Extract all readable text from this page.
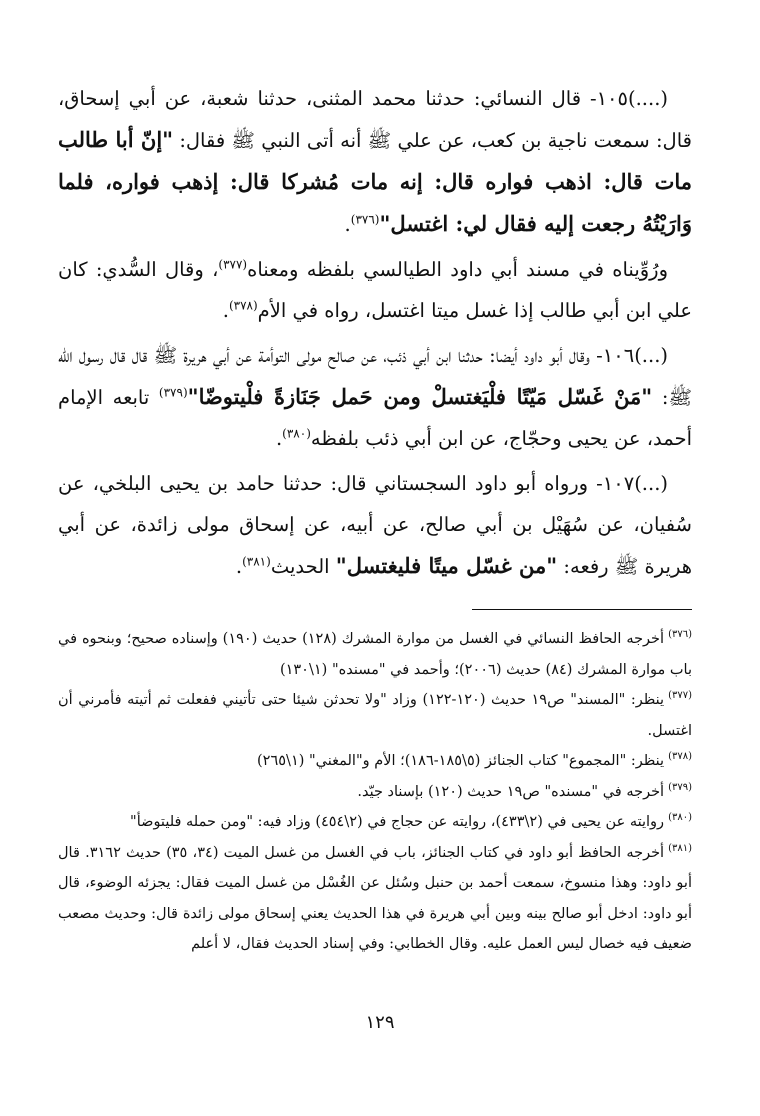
(....)١٠٥- قال النسائي: حدثنا محمد المثنى، حدثنا شعبة، عن أبي إسحاق، قال: سمعت ناجية بن كعب، عن علي ﷺ أنه أتى النبي ﷺ فقال: "إنّ أبا طالب مات قال: اذهب فواره قال: إنه مات مُشركا قال: إذهب فواره، فلما وَارَيْتُهُ رجعت إليه فقال لي: اغتسل"$^{(٣٧٦)}$.

ورُوِّيناه في مسند أبي داود الطيالسي بلفظه ومعناه$^{(٣٧٧)}$، وقال السُّدي: كان علي ابن أبي طالب إذا غسل ميتا اغتسل، رواه في الأم$^{(٣٧٨)}$.

(...)١٠٦- وقال أبو داود أيضا: حدثنا ابن أبي ذئب، عن صالح مولى التوأمة عن أبي هريرة ﷺ قال قال رسول الله ﷺ: "مَنْ غَسّل مَيّتًا فلْيَغتسلْ ومن حَمل جَنَازةً فلْيتوضّا"$^{(٣٧٩)}$ تابعه الإمام أحمد، عن يحيى وحجّاج، عن ابن أبي ذئب بلفظه$^{(٣٨٠)}$.

(...)١٠٧- ورواه أبو داود السجستاني قال: حدثنا حامد بن يحيى البلخي، عن سُفيان، عن سُهَيْل بن أبي صالح، عن أبيه، عن إسحاق مولى زائدة، عن أبي هريرة ﷺ رفعه: "من غسّل ميتًا فليغتسل" الحديث$^{(٣٨١)}$.

$^{(٣٧٦)}$أخرجه الحافظ النسائي في الغسل من موارة المشرك (١٢٨) حديث (١٩٠) وإسناده صحيح؛ وبنحوه في باب موارة المشرك (٨٤) حديث (٢٠٠٦)؛ وأحمد في "مسنده" (١\١٣٠)

$^{(٣٧٧)}$ينظر: "المسند" ص١٩ حديث (١٢٠-١٢٢) وزاد "ولا تحدثن شيئا حتى تأتيني ففعلت ثم أتيته فأمرني أن اغتسل.

$^{(٣٧٨)}$ينظر: "المجموع" كتاب الجنائز (٥\١٨٥-١٨٦)؛ الأم و"المغني" (١\٢٦٥)

$^{(٣٧٩)}$أخرجه في "مسنده" ص١٩ حديث (١٢٠) بإسناد جيّد.

$^{(٣٨٠)}$روايته عن يحيى في (٢\٤٣٣)، روايته عن حجاج في (٢\٤٥٤) وزاد فيه: "ومن حمله فليتوضأ"

$^{(٣٨١)}$أخرجه الحافظ أبو داود في كتاب الجنائز، باب في الغسل من غسل الميت (٣٤، ٣٥) حديث ٣١٦٢. قال أبو داود: وهذا منسوخ، سمعت أحمد بن حنبل وسُئل عن الغُسْل من غسل الميت فقال: يجزئه الوضوء، قال أبو داود: ادخل أبو صالح بينه وبين أبي هريرة في هذا الحديث يعني إسحاق مولى زائدة قال: وحديث مصعب ضعيف فيه خصال ليس العمل عليه. وقال الخطابي: وفي إسناد الحديث فقال، لا أعلم

١٢٩
